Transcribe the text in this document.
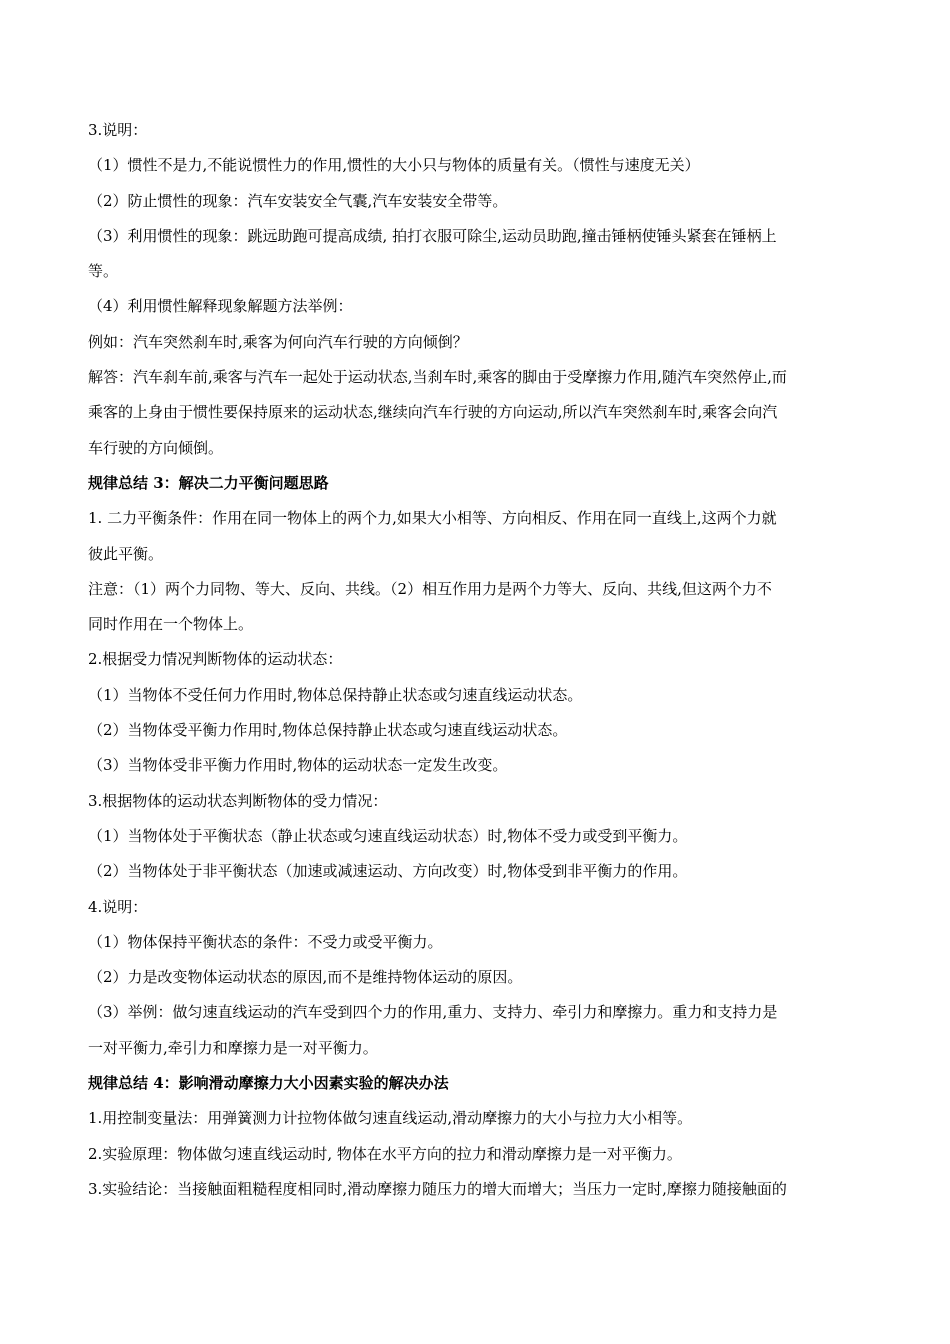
3.说明：
（1）惯性不是力,不能说惯性力的作用,惯性的大小只与物体的质量有关。（惯性与速度无关）
（2）防止惯性的现象：汽车安装安全气囊,汽车安装安全带等。
（3）利用惯性的现象：跳远助跑可提高成绩, 拍打衣服可除尘,运动员助跑,撞击锤柄使锤头紧套在锤柄上
等。
（4）利用惯性解释现象解题方法举例：
例如：汽车突然刹车时,乘客为何向汽车行驶的方向倾倒？
解答：汽车刹车前,乘客与汽车一起处于运动状态,当刹车时,乘客的脚由于受摩擦力作用,随汽车突然停止,而
乘客的上身由于惯性要保持原来的运动状态,继续向汽车行驶的方向运动,所以汽车突然刹车时,乘客会向汽
车行驶的方向倾倒。
规律总结 3：解决二力平衡问题思路
1. 二力平衡条件：作用在同一物体上的两个力,如果大小相等、方向相反、作用在同一直线上,这两个力就
彼此平衡。
注意：（1）两个力同物、等大、反向、共线。（2）相互作用力是两个力等大、反向、共线,但这两个力不
同时作用在一个物体上。
2.根据受力情况判断物体的运动状态：
（1）当物体不受任何力作用时,物体总保持静止状态或匀速直线运动状态。
（2）当物体受平衡力作用时,物体总保持静止状态或匀速直线运动状态。
（3）当物体受非平衡力作用时,物体的运动状态一定发生改变。
3.根据物体的运动状态判断物体的受力情况：
（1）当物体处于平衡状态（静止状态或匀速直线运动状态）时,物体不受力或受到平衡力。
（2）当物体处于非平衡状态（加速或减速运动、方向改变）时,物体受到非平衡力的作用。
4.说明：
（1）物体保持平衡状态的条件：不受力或受平衡力。
（2）力是改变物体运动状态的原因,而不是维持物体运动的原因。
（3）举例：做匀速直线运动的汽车受到四个力的作用,重力、支持力、牵引力和摩擦力。重力和支持力是
一对平衡力,牵引力和摩擦力是一对平衡力。
规律总结 4：影响滑动摩擦力大小因素实验的解决办法
1.用控制变量法：用弹簧测力计拉物体做匀速直线运动,滑动摩擦力的大小与拉力大小相等。
2.实验原理：物体做匀速直线运动时, 物体在水平方向的拉力和滑动摩擦力是一对平衡力。
3.实验结论：当接触面粗糙程度相同时,滑动摩擦力随压力的增大而增大；当压力一定时,摩擦力随接触面的
